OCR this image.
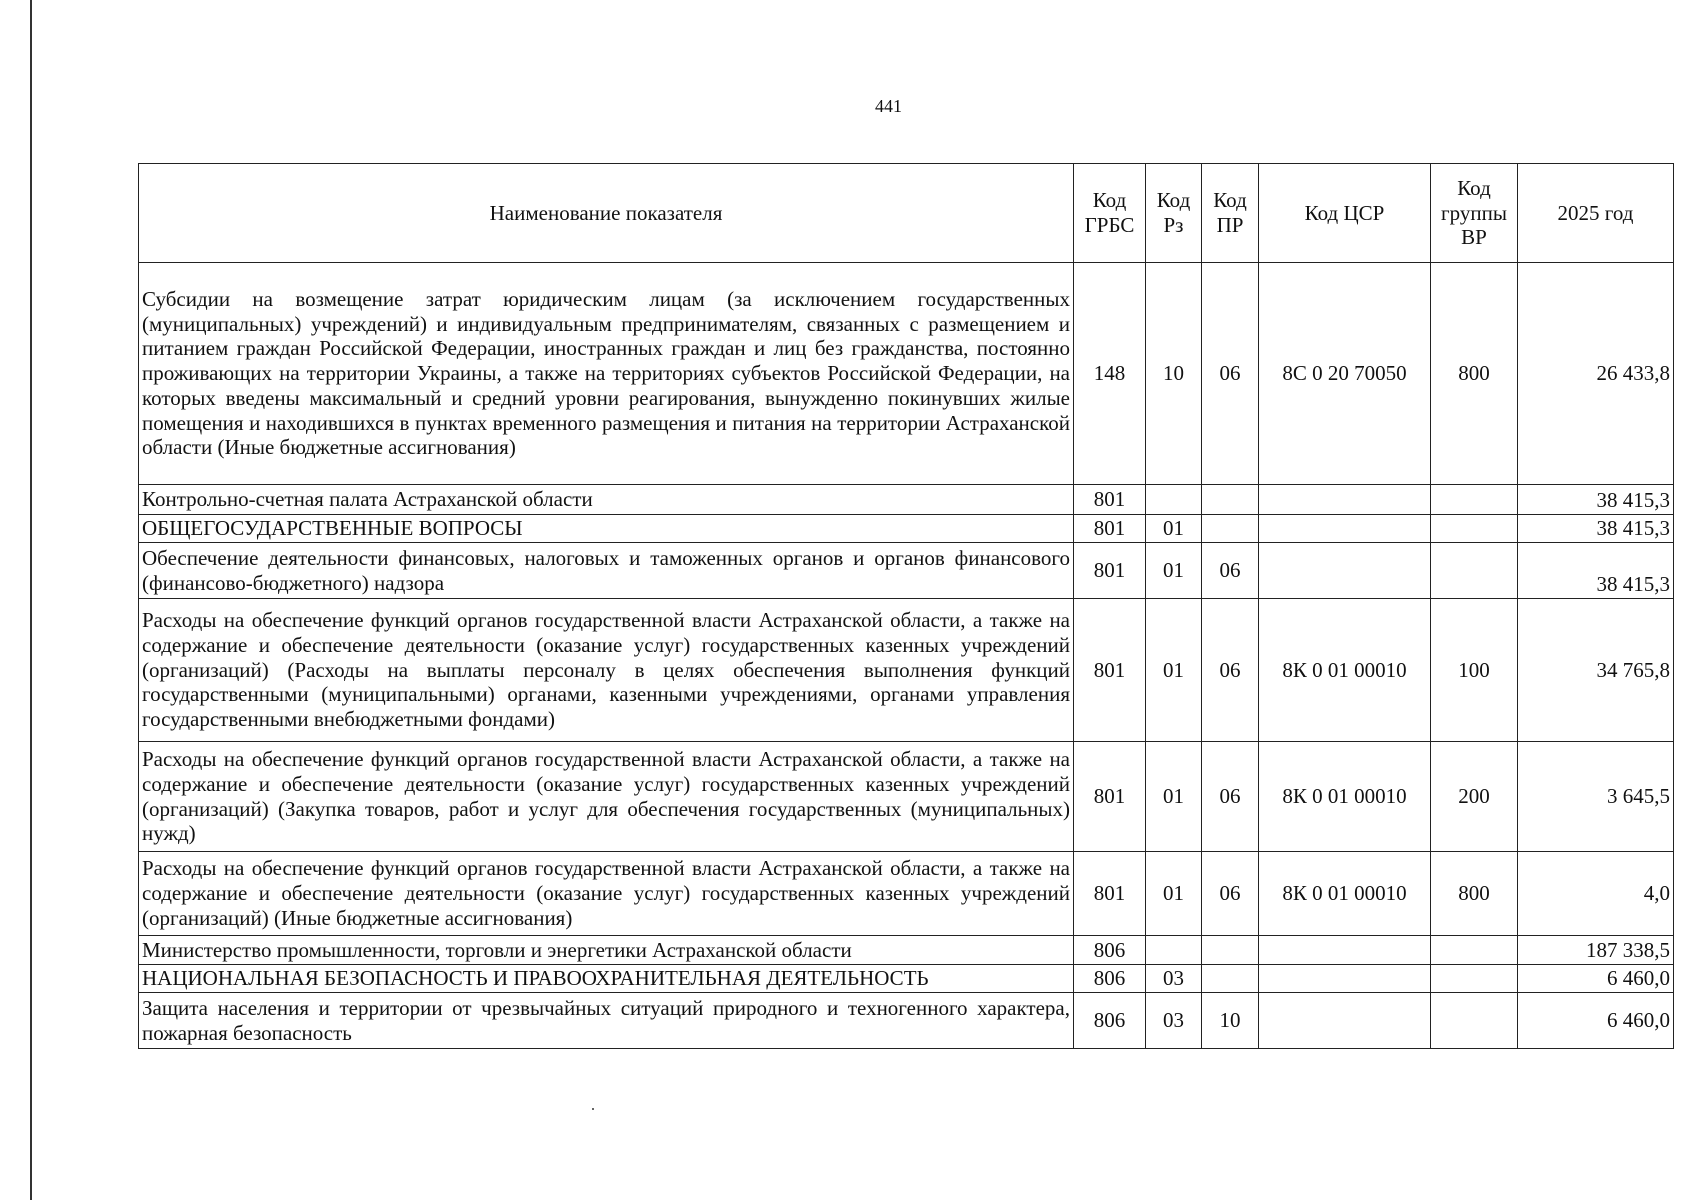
441
Наименование показателя	Код ГРБС	Код Рз	Код ПР	Код ЦСР	Код группы ВР	2025 год
Субсидии на возмещение затрат юридическим лицам (за исключением государственных (муниципальных) учреждений) и индивидуальным предпринимателям, связанных с размещением и питанием граждан Российской Федерации, иностранных граждан и лиц без гражданства, постоянно проживающих на территории Украины, а также на территориях субъектов Российской Федерации, на которых введены максимальный и средний уровни реагирования, вынужденно покинувших жилые помещения и находившихся в пунктах временного размещения и питания на территории Астраханской области (Иные бюджетные ассигнования)	148	10	06	8С 0 20 70050	800	26 433,8
Контрольно-счетная палата Астраханской области	801					38 415,3
ОБЩЕГОСУДАРСТВЕННЫЕ ВОПРОСЫ	801	01				38 415,3
Обеспечение деятельности финансовых, налоговых и таможенных органов и органов финансового (финансово-бюджетного) надзора	801	01	06			38 415,3
Расходы на обеспечение функций органов государственной власти Астраханской области, а также на содержание и обеспечение деятельности (оказание услуг) государственных казенных учреждений (организаций) (Расходы на выплаты персоналу в целях обеспечения выполнения функций государственными (муниципальными) органами, казенными учреждениями, органами управления государственными внебюджетными фондами)	801	01	06	8К 0 01 00010	100	34 765,8
Расходы на обеспечение функций органов государственной власти Астраханской области, а также на содержание и обеспечение деятельности (оказание услуг) государственных казенных учреждений (организаций) (Закупка товаров, работ и услуг для обеспечения государственных (муниципальных) нужд)	801	01	06	8К 0 01 00010	200	3 645,5
Расходы на обеспечение функций органов государственной власти Астраханской области, а также на содержание и обеспечение деятельности (оказание услуг) государственных казенных учреждений (организаций) (Иные бюджетные ассигнования)	801	01	06	8К 0 01 00010	800	4,0
Министерство промышленности, торговли и энергетики Астраханской области	806					187 338,5
НАЦИОНАЛЬНАЯ БЕЗОПАСНОСТЬ И ПРАВООХРАНИТЕЛЬНАЯ ДЕЯТЕЛЬНОСТЬ	806	03				6 460,0
Защита населения и территории от чрезвычайных ситуаций природного и техногенного характера, пожарная безопасность	806	03	10			6 460,0
